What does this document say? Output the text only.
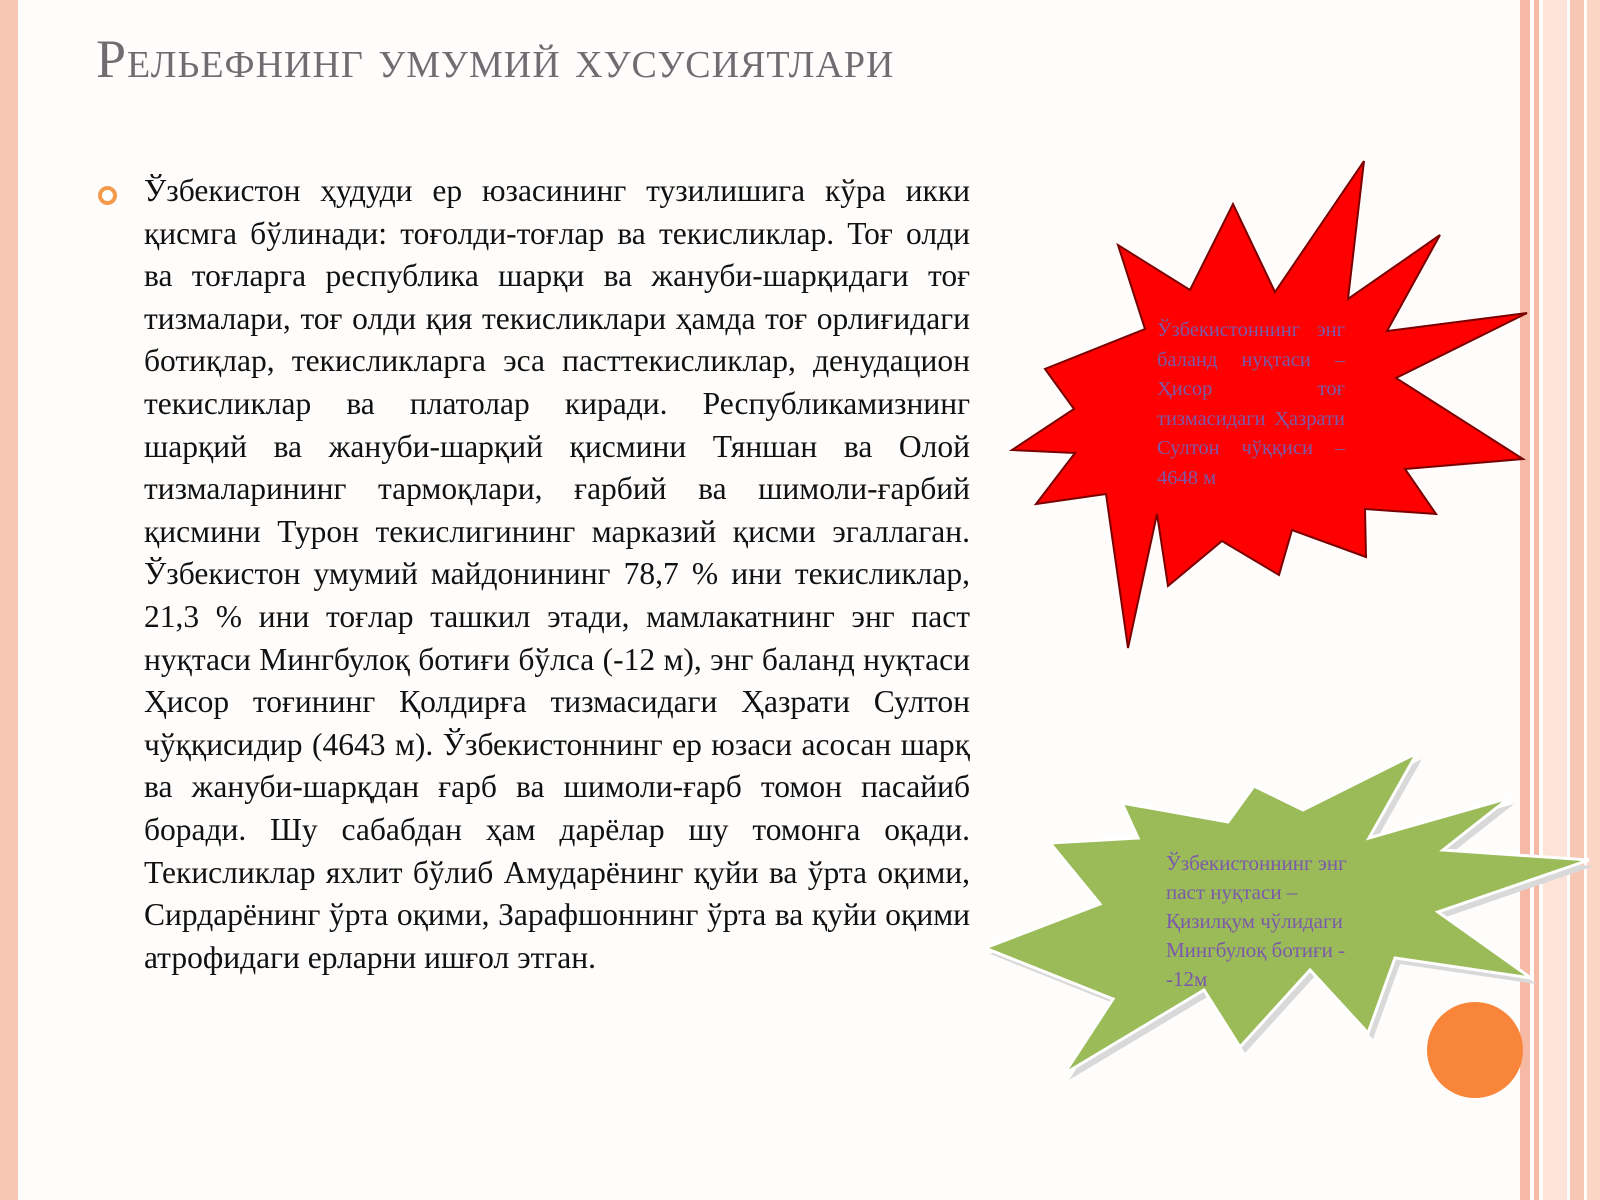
Рельефнинг умумий хусусиятлари
Ўзбекистон ҳудуди ер юзасининг тузилишига кўра икки қисмга бўлинади: тоғолди-тоғлар ва текисликлар. Тоғ олди ва тоғларга республика шарқи ва жануби-шарқидаги тоғ тизмалари, тоғ олди қия текисликлари ҳамда тоғ орлиғидаги ботиқлар, текисликларга эса пасттекисликлар, денудацион текисликлар ва платолар киради. Республикамизнинг шарқий ва жануби-шарқий қисмини Тяншан ва Олой тизмаларининг тармоқлари, ғарбий ва шимоли-ғарбий қисмини Турон текислигининг марказий қисми эгаллаган. Ўзбекистон умумий майдонининг 78,7 % ини текисликлар, 21,3 % ини тоғлар ташкил этади, мамлакатнинг энг паст нуқтаси Мингбулоқ ботиғи бўлса (-12 м), энг баланд нуқтаси Ҳисор тоғининг Қолдирға тизмасидаги Ҳазрати Султон чўққисидир (4643 м). Ўзбекистоннинг ер юзаси асосан шарқ ва жануби-шарқдан ғарб ва шимоли-ғарб томон пасайиб боради. Шу сабабдан ҳам дарёлар шу томонга оқади. Текисликлар яхлит бўлиб Амударёнинг қуйи ва ўрта оқими, Сирдарёнинг ўрта оқими, Зарафшоннинг ўрта ва қуйи оқими атрофидаги ерларни ишғол этган.
Ўзбекистоннинг энг баланд нуқтаси – Ҳисор тоғ тизмасидаги Ҳазрати Султон чўққиси – 4648 м
Ўзбекистоннинг энг паст нуқтаси – Қизилқум чўлидаги Мингбулоқ ботиғи - -12м
